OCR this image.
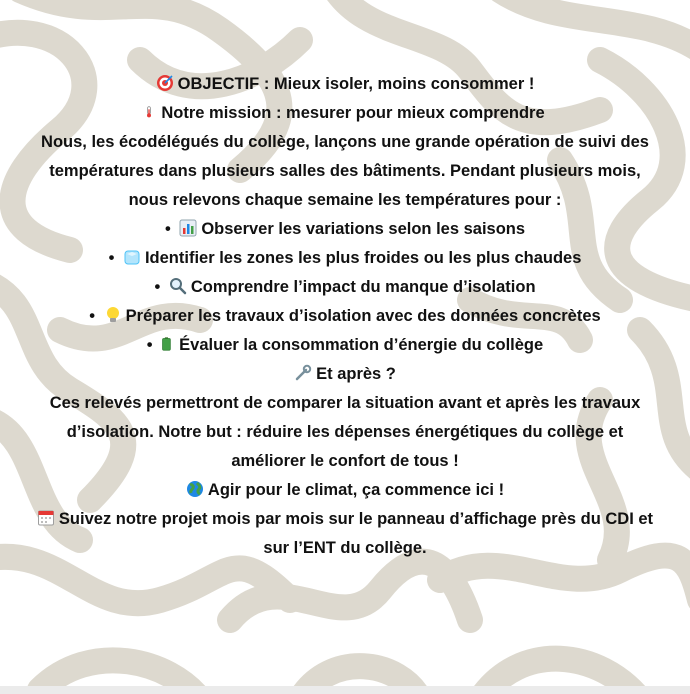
OBJECTIF : Mieux isoler, moins consommer !
Notre mission : mesurer pour mieux comprendre
Nous, les écodélégués du collège, lançons une grande opération de suivi des
températures dans plusieurs salles des bâtiments. Pendant plusieurs mois,
nous relevons chaque semaine les températures pour :
• Observer les variations selon les saisons
• Identifier les zones les plus froides ou les plus chaudes
• Comprendre l’impact du manque d’isolation
• Préparer les travaux d’isolation avec des données concrètes
• Évaluer la consommation d’énergie du collège
Et après ?
Ces relevés permettront de comparer la situation avant et après les travaux
d’isolation. Notre but : réduire les dépenses énergétiques du collège et
améliorer le confort de tous !
Agir pour le climat, ça commence ici !
Suivez notre projet mois par mois sur le panneau d’affichage près du CDI et
sur l’ENT du collège.
